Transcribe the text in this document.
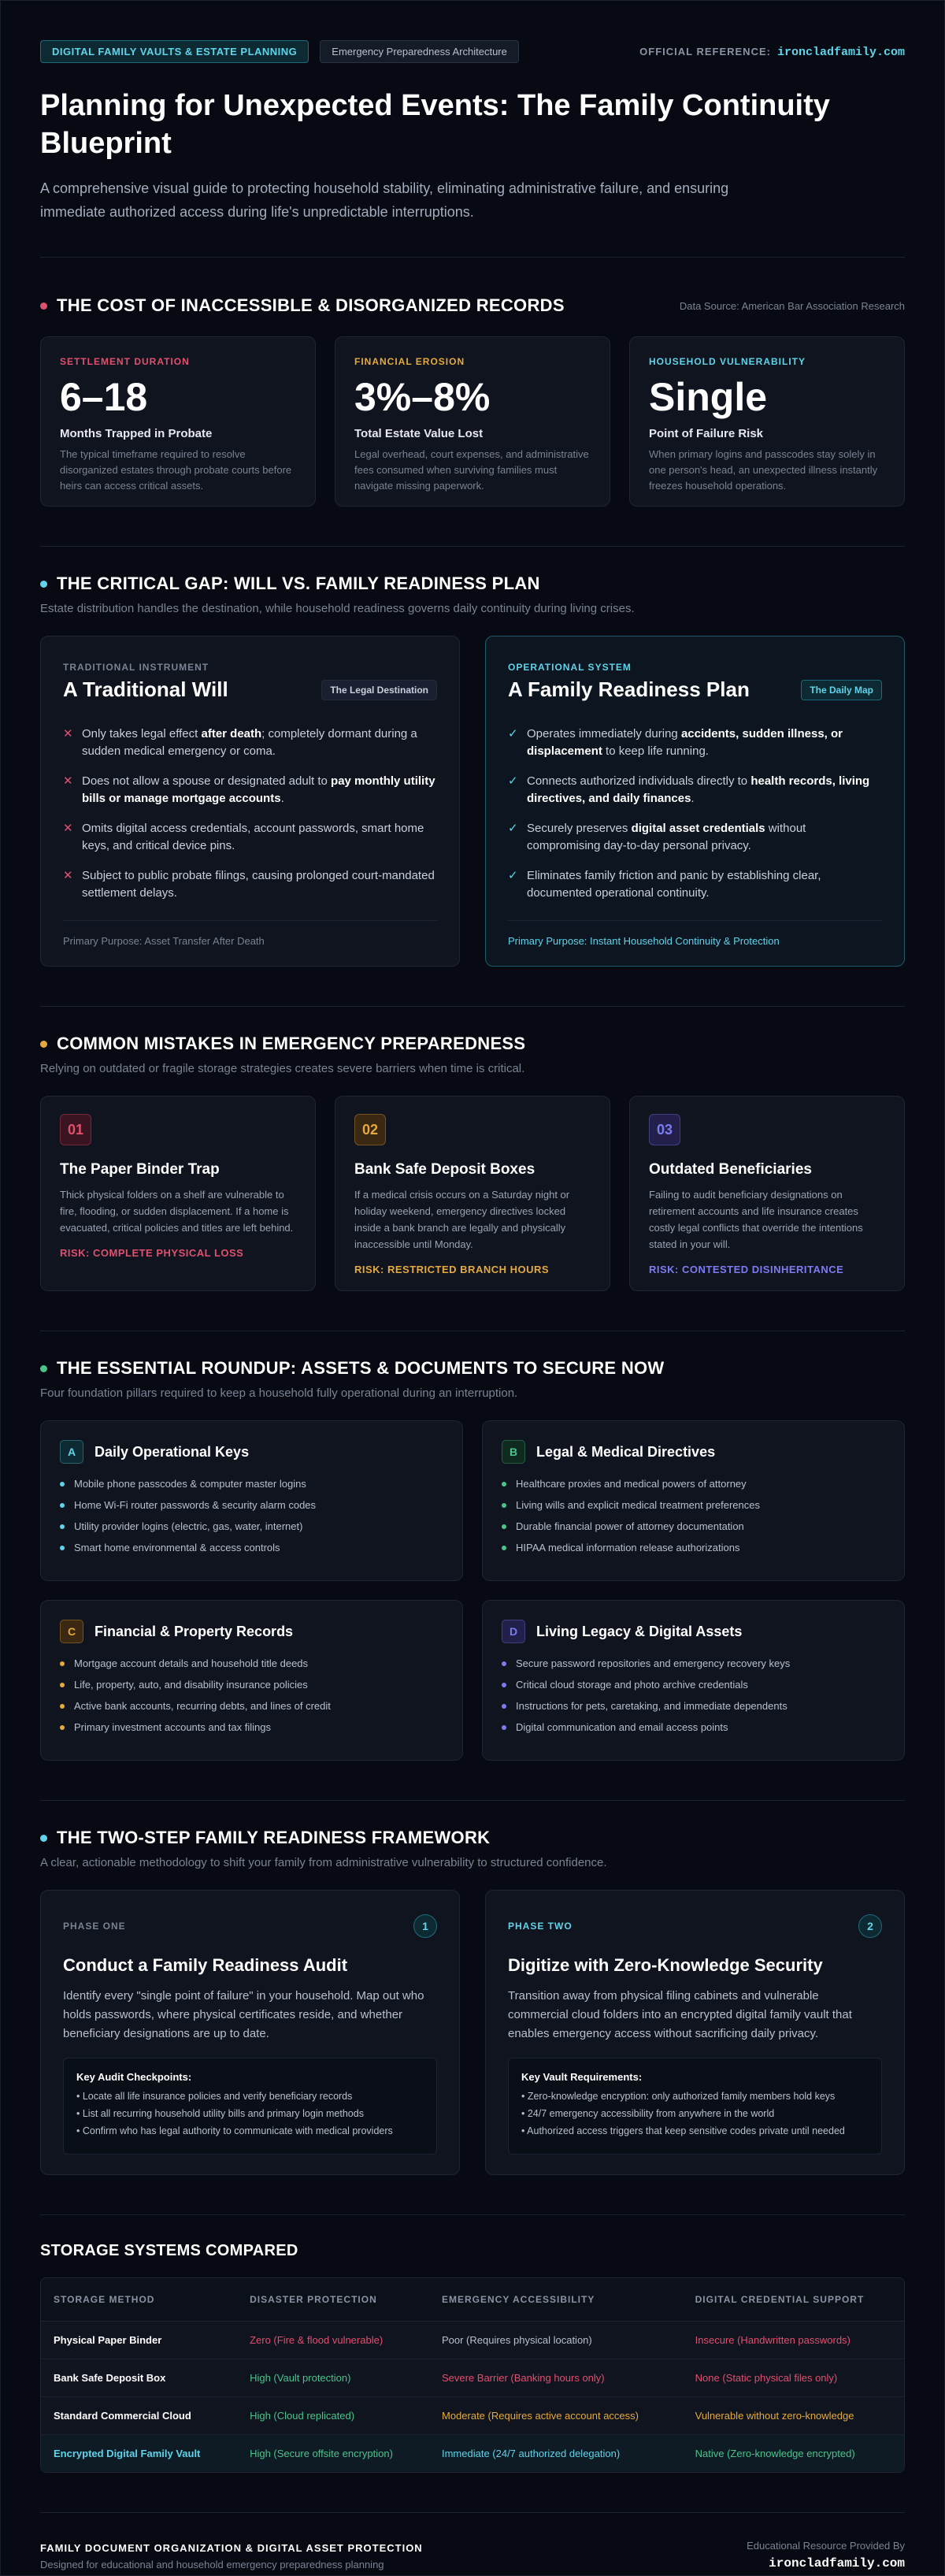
DIGITAL FAMILY VAULTS & ESTATE PLANNING	Emergency Preparedness Architecture	OFFICIAL REFERENCE: ironcladfamily.com
Planning for Unexpected Events: The Family Continuity Blueprint

A comprehensive visual guide to protecting household stability, eliminating administrative failure, and ensuring immediate authorized access during life's unpredictable interruptions.

THE COST OF INACCESSIBLE & DISORGANIZED RECORDS	Data Source: American Bar Association Research
SETTLEMENT DURATION
6–18
Months Trapped in Probate
The typical timeframe required to resolve disorganized estates through probate courts before heirs can access critical assets.
FINANCIAL EROSION
3%–8%
Total Estate Value Lost
Legal overhead, court expenses, and administrative fees consumed when surviving families must navigate missing paperwork.
HOUSEHOLD VULNERABILITY
Single
Point of Failure Risk
When primary logins and passcodes stay solely in one person's head, an unexpected illness instantly freezes household operations.
THE CRITICAL GAP: WILL VS. FAMILY READINESS PLAN

Estate distribution handles the destination, while household readiness governs daily continuity during living crises.

TRADITIONAL INSTRUMENT
A Traditional Will	The Legal Destination
✕ Only takes legal effect after death; completely dormant during a sudden medical emergency or coma.
✕ Does not allow a spouse or designated adult to pay monthly utility bills or manage mortgage accounts.
✕ Omits digital access credentials, account passwords, smart home keys, and critical device pins.
✕ Subject to public probate filings, causing prolonged court-mandated settlement delays.
Primary Purpose: Asset Transfer After Death
OPERATIONAL SYSTEM
A Family Readiness Plan	The Daily Map
✓ Operates immediately during accidents, sudden illness, or displacement to keep life running.
✓ Connects authorized individuals directly to health records, living directives, and daily finances.
✓ Securely preserves digital asset credentials without compromising day-to-day personal privacy.
✓ Eliminates family friction and panic by establishing clear, documented operational continuity.
Primary Purpose: Instant Household Continuity & Protection
COMMON MISTAKES IN EMERGENCY PREPAREDNESS

Relying on outdated or fragile storage strategies creates severe barriers when time is critical.

01
The Paper Binder Trap
Thick physical folders on a shelf are vulnerable to fire, flooding, or sudden displacement. If a home is evacuated, critical policies and titles are left behind.
RISK: COMPLETE PHYSICAL LOSS
02
Bank Safe Deposit Boxes
If a medical crisis occurs on a Saturday night or holiday weekend, emergency directives locked inside a bank branch are legally and physically inaccessible until Monday.
RISK: RESTRICTED BRANCH HOURS
03
Outdated Beneficiaries
Failing to audit beneficiary designations on retirement accounts and life insurance creates costly legal conflicts that override the intentions stated in your will.
RISK: CONTESTED DISINHERITANCE
THE ESSENTIAL ROUNDUP: ASSETS & DOCUMENTS TO SECURE NOW

Four foundation pillars required to keep a household fully operational during an interruption.

A	Daily Operational Keys
Mobile phone passcodes & computer master logins
Home Wi-Fi router passwords & security alarm codes
Utility provider logins (electric, gas, water, internet)
Smart home environmental & access controls
B	Legal & Medical Directives
Healthcare proxies and medical powers of attorney
Living wills and explicit medical treatment preferences
Durable financial power of attorney documentation
HIPAA medical information release authorizations
C	Financial & Property Records
Mortgage account details and household title deeds
Life, property, auto, and disability insurance policies
Active bank accounts, recurring debts, and lines of credit
Primary investment accounts and tax filings
D	Living Legacy & Digital Assets
Secure password repositories and emergency recovery keys
Critical cloud storage and photo archive credentials
Instructions for pets, caretaking, and immediate dependents
Digital communication and email access points
THE TWO-STEP FAMILY READINESS FRAMEWORK

A clear, actionable methodology to shift your family from administrative vulnerability to structured confidence.

PHASE ONE	1
Conduct a Family Readiness Audit
Identify every "single point of failure" in your household. Map out who holds passwords, where physical certificates reside, and whether beneficiary designations are up to date.
Key Audit Checkpoints:
• Locate all life insurance policies and verify beneficiary records
• List all recurring household utility bills and primary login methods
• Confirm who has legal authority to communicate with medical providers
PHASE TWO	2
Digitize with Zero-Knowledge Security
Transition away from physical filing cabinets and vulnerable commercial cloud folders into an encrypted digital family vault that enables emergency access without sacrificing daily privacy.
Key Vault Requirements:
• Zero-knowledge encryption: only authorized family members hold keys
• 24/7 emergency accessibility from anywhere in the world
• Authorized access triggers that keep sensitive codes private until needed
STORAGE SYSTEMS COMPARED
STORAGE METHOD	DISASTER PROTECTION	EMERGENCY ACCESSIBILITY	DIGITAL CREDENTIAL SUPPORT
Physical Paper Binder	Zero (Fire & flood vulnerable)	Poor (Requires physical location)	Insecure (Handwritten passwords)
Bank Safe Deposit Box	High (Vault protection)	Severe Barrier (Banking hours only)	None (Static physical files only)
Standard Commercial Cloud	High (Cloud replicated)	Moderate (Requires active account access)	Vulnerable without zero-knowledge
Encrypted Digital Family Vault	High (Secure offsite encryption)	Immediate (24/7 authorized delegation)	Native (Zero-knowledge encrypted)
FAMILY DOCUMENT ORGANIZATION & DIGITAL ASSET PROTECTION
Designed for educational and household emergency preparedness planning
Educational Resource Provided By
ironcladfamily.com
